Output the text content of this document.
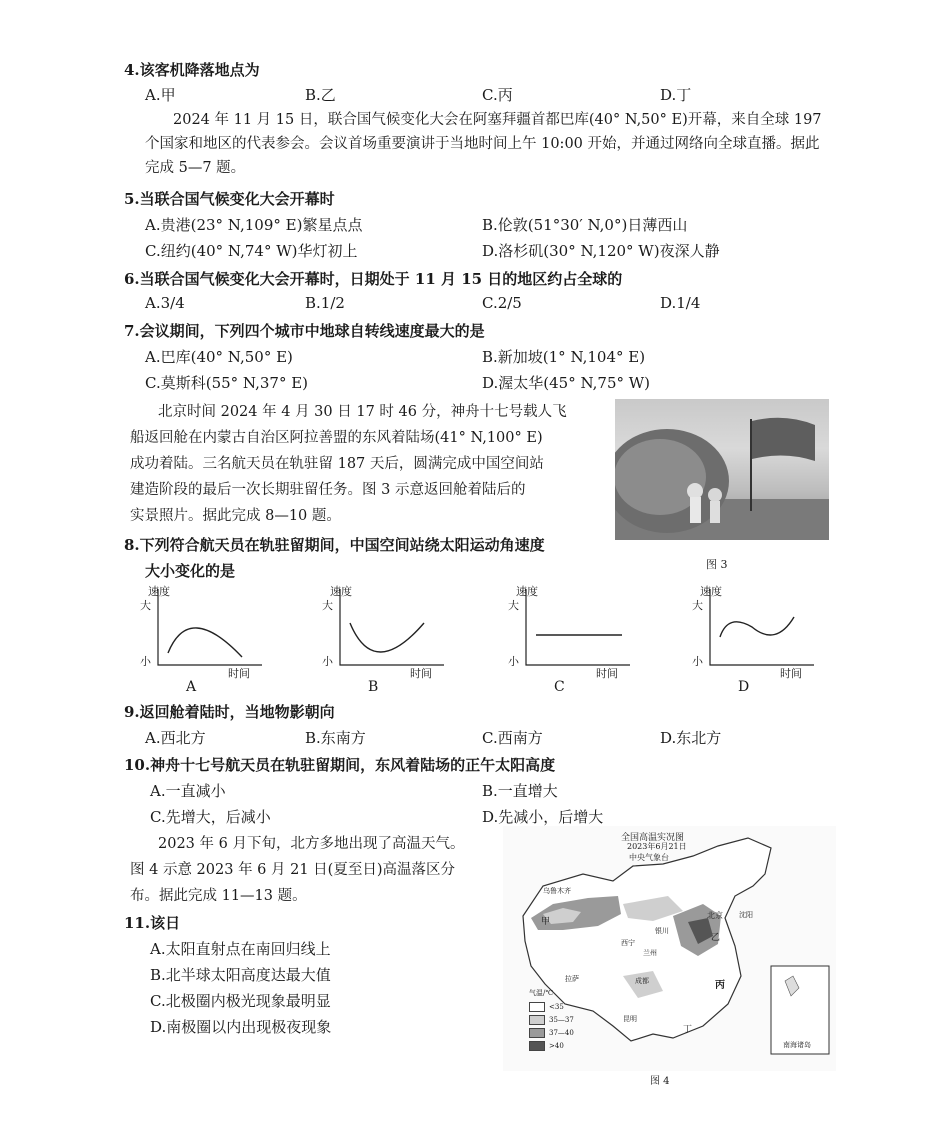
4.该客机降落地点为
A.甲	B.乙	C.丙	D.丁
2024 年 11 月 15 日，联合国气候变化大会在阿塞拜疆首都巴库(40° N,50° E)开幕，来自全球 197 个国家和地区的代表参会。会议首场重要演讲于当地时间上午 10:00 开始，并通过网络向全球直播。据此完成 5—7 题。
5.当联合国气候变化大会开幕时
A.贵港(23° N,109° E)繁星点点	B.伦敦(51°30′ N,0°)日薄西山
C.纽约(40° N,74° W)华灯初上	D.洛杉矶(30° N,120° W)夜深人静
6.当联合国气候变化大会开幕时，日期处于 11 月 15 日的地区约占全球的
A.3/4	B.1/2	C.2/5	D.1/4
7.会议期间，下列四个城市中地球自转线速度最大的是
A.巴库(40° N,50° E)	B.新加坡(1° N,104° E)
C.莫斯科(55° N,37° E)	D.渥太华(45° N,75° W)
北京时间 2024 年 4 月 30 日 17 时 46 分，神舟十七号载人飞
船返回舱在内蒙古自治区阿拉善盟的东风着陆场(41° N,100° E)
成功着陆。三名航天员在轨驻留 187 天后，圆满完成中国空间站
建造阶段的最后一次长期驻留任务。图 3 示意返回舱着陆后的
实景照片。据此完成 8—10 题。
图 3
8.下列符合航天员在轨驻留期间，中国空间站绕太阳运动角速度
大小变化的是
速度
大
小
时间
A
速度
大
小
时间
B
速度
大
小
时间
C
速度
大
小
时间
D
9.返回舱着陆时，当地物影朝向
A.西北方	B.东南方	C.西南方	D.东北方
10.神舟十七号航天员在轨驻留期间，东风着陆场的正午太阳高度
A.一直减小	B.一直增大
C.先增大，后减小	D.先减小，后增大
2023 年 6 月下旬，北方多地出现了高温天气。
图 4 示意 2023 年 6 月 21 日(夏至日)高温落区分
布。据此完成 11—13 题。
11.该日
A.太阳直射点在南回归线上
B.北半球太阳高度达最大值
C.北极圈内极光现象最明显
D.南极圈以内出现极夜现象
全国高温实况图
2023年6月21日
中央气象台
乌鲁木齐
北京 沈阳
银川
西宁
兰州
成都
拉萨
昆明
丙
甲
乙
丁
南海诸岛
气温/℃
<35
35—37
37—40
>40
图 4
